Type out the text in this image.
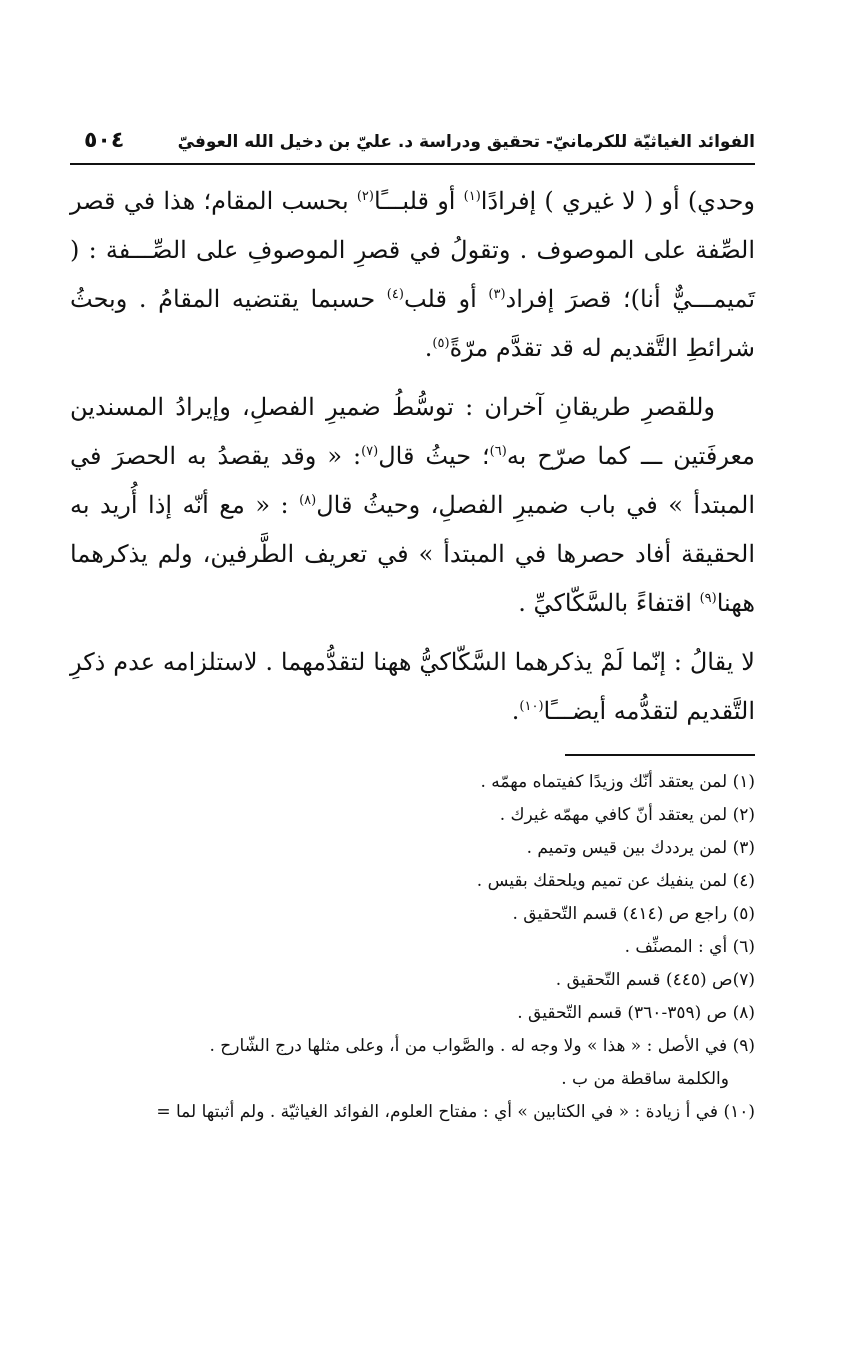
الفوائد الغياثيّة للكرمانيّ- تحقيق ودراسة د. عليّ بن دخيل الله العوفيّ
٥٠٤

وحدي) أو ( لا غيري ) إفرادًا$^{(١)}$ أو قلبـــًا$^{(٢)}$ بحسب المقام؛ هذا في قصر الصِّفة على الموصوف . وتقولُ في قصرِ الموصوفِ على الصِّـــفة : ( تَميمـــيٌّ أنا)؛ قصرَ إفراد$^{(٣)}$ أو قلب$^{(٤)}$ حسبما يقتضيه المقامُ . وبحثُ شرائطِ التَّقديم له قد تقدَّم مرّةً$^{(٥)}$.

وللقصرِ طريقانِ آخران : توسُّطُ ضميرِ الفصلِ، وإيرادُ المسندين معرفَتين ـــ كما صرّح به$^{(٦)}$؛ حيثُ قال$^{(٧)}$: « وقد يقصدُ به الحصرَ في المبتدأ » في باب ضميرِ الفصلِ، وحيثُ قال$^{(٨)}$ : « مع أنّه إذا أُريد به الحقيقة أفاد حصرها في المبتدأ » في تعريف الطَّرفين، ولم يذكرهما ههنا$^{(٩)}$ اقتفاءً بالسَّكّاكيِّ .

لا يقالُ : إنّما لَمْ يذكرهما السَّكّاكيُّ ههنا لتقدُّمهما . لاستلزامه عدم ذكرِ التَّقديم لتقدُّمه أيضـــًا$^{(١٠)}$.

(١) لمن يعتقد أنّك وزيدًا كفيتماه مهمّه .

(٢) لمن يعتقد أنّ كافي مهمّه غيرك .

(٣) لمن يرددك بين قيس وتميم .

(٤) لمن ينفيك عن تميم ويلحقك بقيس .

(٥) راجع ص (٤١٤) قسم التّحقيق .

(٦) أي : المصنِّف .

(٧)ص (٤٤٥) قسم التّحقيق .

(٨) ص (٣٥٩-٣٦٠) قسم التّحقيق .

(٩) في الأصل : « هذا » ولا وجه له . والصَّواب من أ، وعلى مثلها درج الشّارح .

والكلمة ساقطة من ب .

(١٠) في أ زيادة : « في الكتابين » أي : مفتاح العلوم، الفوائد الغياثيّة . ولم أثبتها لما =
